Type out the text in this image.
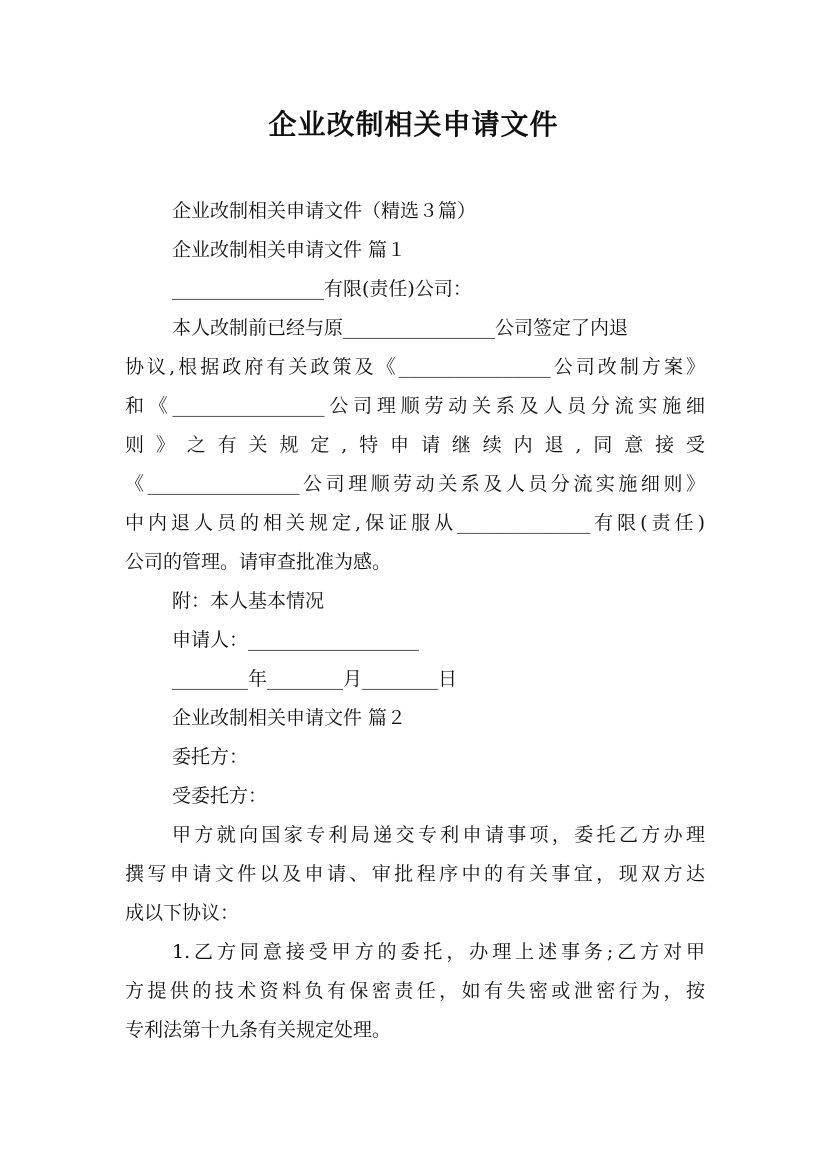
企业改制相关申请文件
企业改制相关申请文件（精选３篇）
企业改制相关申请文件 篇１
________________有限(责任)公司：
本人改制前已经与原________________公司签定了内退
协议,根据政府有关政策及《________________公司改制方案》
和《________________公司理顺劳动关系及人员分流实施细
则》之有关规定,特申请继续内退,同意接受
《________________公司理顺劳动关系及人员分流实施细则》
中内退人员的相关规定,保证服从______________有限(责任)
公司的管理。请审查批准为感。
附：本人基本情况
申请人：__________________
________年________月________日
企业改制相关申请文件 篇２
委托方：
受委托方：
甲方就向国家专利局递交专利申请事项，委托乙方办理
撰写申请文件以及申请、审批程序中的有关事宜，现双方达
成以下协议：
1.乙方同意接受甲方的委托，办理上述事务;乙方对甲
方提供的技术资料负有保密责任，如有失密或泄密行为，按
专利法第十九条有关规定处理。
